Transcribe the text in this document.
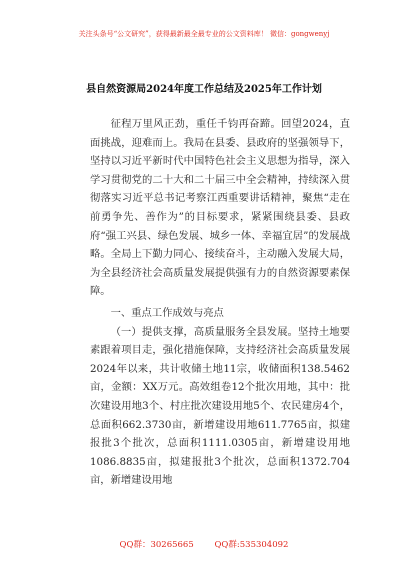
关注头条号“公文研究”，获得最新最全最专业的公文资料库！ 微信：gongwenyj
县自然资源局2024年度工作总结及2025年工作计划

征程万里风正劲，重任千钧再奋蹄。回望2024，直面挑战，迎难而上。我局在县委、县政府的坚强领导下，坚持以习近平新时代中国特色社会主义思想为指导，深入学习贯彻党的二十大和二十届三中全会精神，持续深入贯彻落实习近平总书记考察江西重要讲话精神，聚焦“走在前勇争先、善作为”的目标要求，紧紧围绕县委、县政府“强工兴县、绿色发展、城乡一体、幸福宜居”的发展战略。全局上下勤力同心、接续奋斗，主动融入发展大局，为全县经济社会高质量发展提供强有力的自然资源要素保障。

一、重点工作成效与亮点

（一）提供支撑，高质量服务全县发展。坚持土地要素跟着项目走，强化措施保障，支持经济社会高质量发展2024年以来，共计收储土地11宗，收储面积138.5462亩，金额：XX万元。高效组卷12个批次用地，其中：批次建设用地3个、村庄批次建设用地5个、农民建房4个，总面积662.3730亩，新增建设用地611.7765亩，拟建报批3个批次，总面积1111.0305亩，新增建设用地1086.8835亩，拟建报批3个批次，总面积1372.704亩，新增建设用地

QQ群：30265665 QQ群:535304092
